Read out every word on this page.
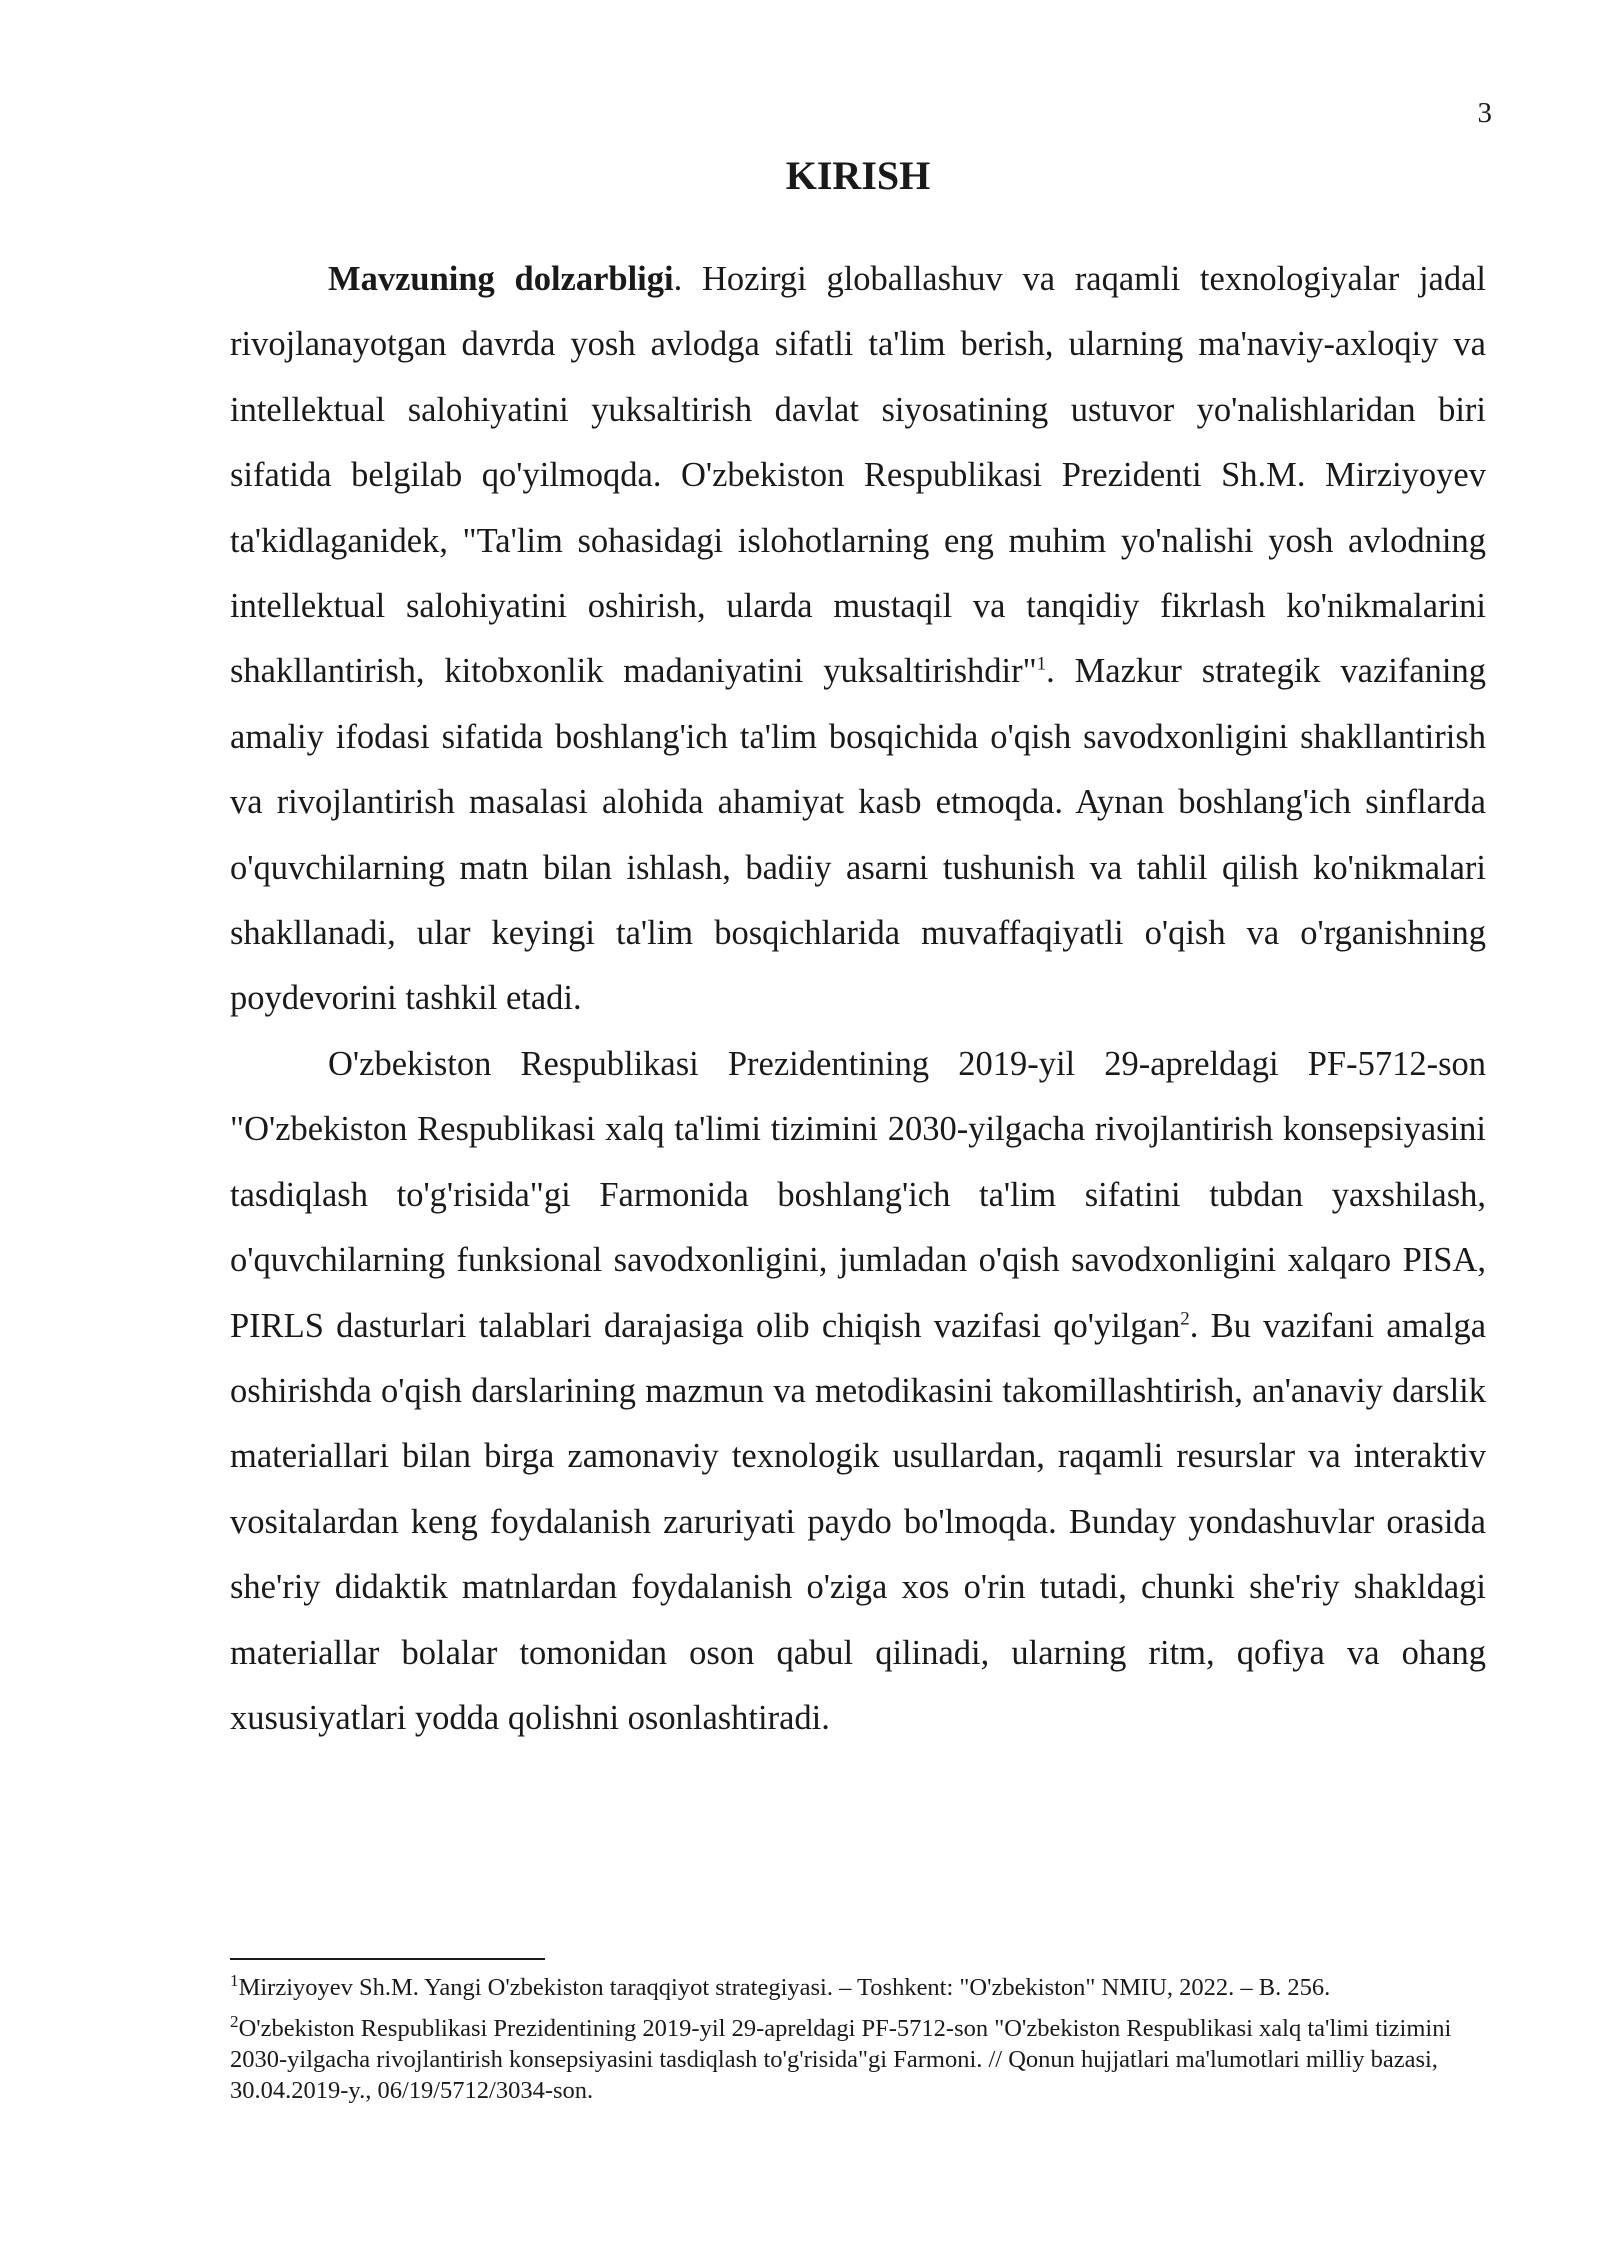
3
KIRISH

Mavzuning dolzarbligi. Hozirgi globallashuv va raqamli texnologiyalar jadal rivojlanayotgan davrda yosh avlodga sifatli ta'lim berish, ularning ma'naviy-axloqiy va intellektual salohiyatini yuksaltirish davlat siyosatining ustuvor yo'nalishlaridan biri sifatida belgilab qo'yilmoqda. O'zbekiston Respublikasi Prezidenti Sh.M. Mirziyoyev ta'kidlaganidek, "Ta'lim sohasidagi islohotlarning eng muhim yo'nalishi yosh avlodning intellektual salohiyatini oshirish, ularda mustaqil va tanqidiy fikrlash ko'nikmalarini shakllantirish, kitobxonlik madaniyatini yuksaltirishdir"$^1$. Mazkur strategik vazifaning amaliy ifodasi sifatida boshlang'ich ta'lim bosqichida o'qish savodxonligini shakllantirish va rivojlantirish masalasi alohida ahamiyat kasb etmoqda. Aynan boshlang'ich sinflarda o'quvchilarning matn bilan ishlash, badiiy asarni tushunish va tahlil qilish ko'nikmalari shakllanadi, ular keyingi ta'lim bosqichlarida muvaffaqiyatli o'qish va o'rganishning poydevorini tashkil etadi.

O'zbekiston Respublikasi Prezidentining 2019-yil 29-apreldagi PF-5712-son "O'zbekiston Respublikasi xalq ta'limi tizimini 2030-yilgacha rivojlantirish konsepsiyasini tasdiqlash to'g'risida"gi Farmonida boshlang'ich ta'lim sifatini tubdan yaxshilash, o'quvchilarning funksional savodxonligini, jumladan o'qish savodxonligini xalqaro PISA, PIRLS dasturlari talablari darajasiga olib chiqish vazifasi qo'yilgan$^2$. Bu vazifani amalga oshirishda o'qish darslarining mazmun va metodikasini takomillashtirish, an'anaviy darslik materiallari bilan birga zamonaviy texnologik usullardan, raqamli resurslar va interaktiv vositalardan keng foydalanish zaruriyati paydo bo'lmoqda. Bunday yondashuvlar orasida she'riy didaktik matnlardan foydalanish o'ziga xos o'rin tutadi, chunki she'riy shakldagi materiallar bolalar tomonidan oson qabul qilinadi, ularning ritm, qofiya va ohang xususiyatlari yodda qolishni osonlashtiradi.

$^1$Mirziyoyev Sh.M. Yangi O'zbekiston taraqqiyot strategiyasi. – Toshkent: "O'zbekiston" NMIU, 2022. – B. 256.

$^2$O'zbekiston Respublikasi Prezidentining 2019-yil 29-apreldagi PF-5712-son "O'zbekiston Respublikasi xalq ta'limi tizimini 2030-yilgacha rivojlantirish konsepsiyasini tasdiqlash to'g'risida"gi Farmoni. // Qonun hujjatlari ma'lumotlari milliy bazasi, 30.04.2019-y., 06/19/5712/3034-son.
